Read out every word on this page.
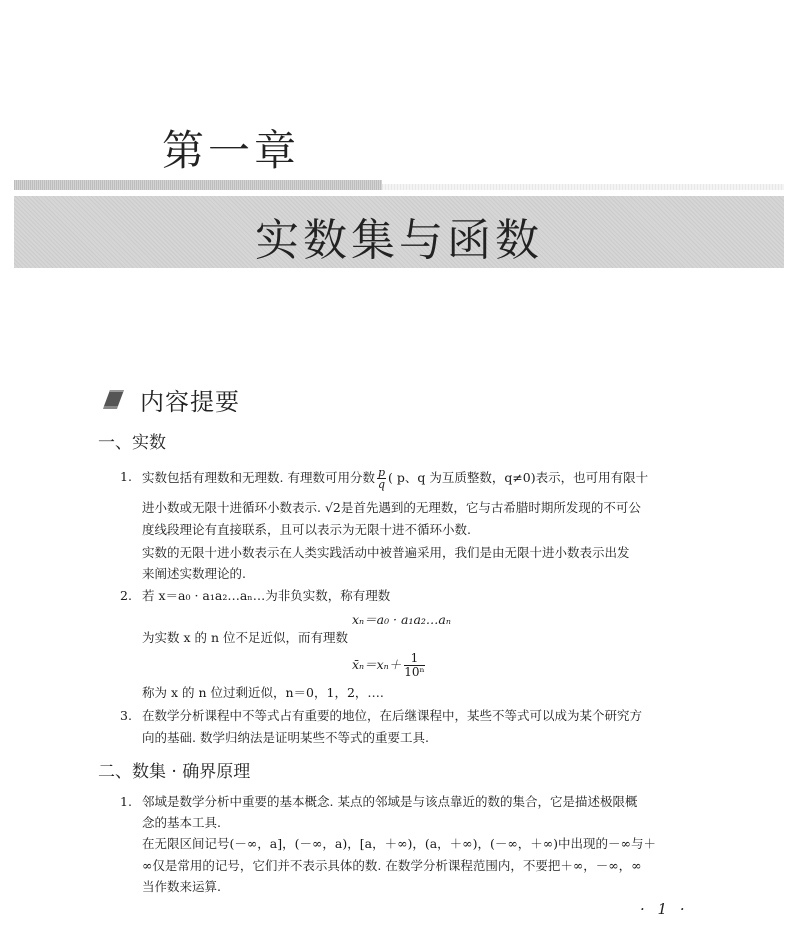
第一章
实数集与函数
内容提要
一、实数
1. 实数包括有理数和无理数. 有理数可用分数 $\frac{p}{q}$ ( p、q 为互质整数，q≠0)表示，也可用有限十
进小数或无限十进循环小数表示. √2是首先遇到的无理数，它与古希腊时期所发现的不可公
度线段理论有直接联系，且可以表示为无限十进不循环小数.
实数的无限十进小数表示在人类实践活动中被普遍采用，我们是由无限十进小数表示出发
来阐述实数理论的.
2. 若 x＝a₀ · a₁a₂…aₙ…为非负实数，称有理数
xₙ＝a₀ · a₁a₂…aₙ
为实数 x 的 n 位不足近似，而有理数
x̄ₙ＝xₙ＋ $\frac{1}{\text{10ⁿ}}$
称为 x 的 n 位过剩近似，n＝0，1，2，….
3. 在数学分析课程中不等式占有重要的地位，在后继课程中，某些不等式可以成为某个研究方
向的基础. 数学归纳法是证明某些不等式的重要工具.
二、数集 · 确界原理
1. 邻域是数学分析中重要的基本概念. 某点的邻域是与该点靠近的数的集合，它是描述极限概
念的基本工具.
在无限区间记号(－∞，a]，(－∞，a)，[a，＋∞)，(a，＋∞)，(－∞，＋∞)中出现的－∞与＋
∞仅是常用的记号，它们并不表示具体的数. 在数学分析课程范围内，不要把＋∞，－∞，∞
当作数来运算.
· 1 ·
